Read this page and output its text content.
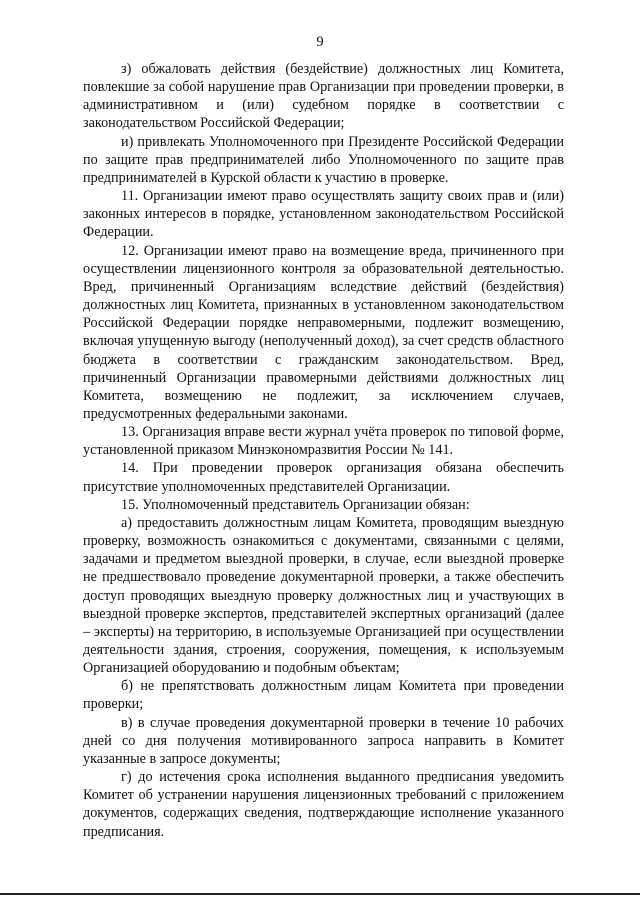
9

з) обжаловать действия (бездействие) должностных лиц Комитета, повлекшие за собой нарушение прав Организации при проведении проверки, в административном и (или) судебном порядке в соответствии с законодательством Российской Федерации;

и) привлекать Уполномоченного при Президенте Российской Федерации по защите прав предпринимателей либо Уполномоченного по защите прав предпринимателей в Курской области к участию в проверке.

11. Организации имеют право осуществлять защиту своих прав и (или) законных интересов в порядке, установленном законодательством Российской Федерации.

12. Организации имеют право на возмещение вреда, причиненного при осуществлении лицензионного контроля за образовательной деятельностью. Вред, причиненный Организациям вследствие действий (бездействия) должностных лиц Комитета, признанных в установленном законодательством Российской Федерации порядке неправомерными, подлежит возмещению, включая упущенную выгоду (неполученный доход), за счет средств областного бюджета в соответствии с гражданским законодательством. Вред, причиненный Организации правомерными действиями должностных лиц Комитета, возмещению не подлежит, за исключением случаев, предусмотренных федеральными законами.

13. Организация вправе вести журнал учёта проверок по типовой форме, установленной приказом Минэкономразвития России № 141.

14. При проведении проверок организация обязана обеспечить присутствие уполномоченных представителей Организации.

15. Уполномоченный представитель Организации обязан:

а) предоставить должностным лицам Комитета, проводящим выездную проверку, возможность ознакомиться с документами, связанными с целями, задачами и предметом выездной проверки, в случае, если выездной проверке не предшествовало проведение документарной проверки, а также обеспечить доступ проводящих выездную проверку должностных лиц и участвующих в выездной проверке экспертов, представителей экспертных организаций (далее – эксперты) на территорию, в используемые Организацией при осуществлении деятельности здания, строения, сооружения, помещения, к используемым Организацией оборудованию и подобным объектам;

б) не препятствовать должностным лицам Комитета при проведении проверки;

в) в случае проведения документарной проверки в течение 10 рабочих дней со дня получения мотивированного запроса направить в Комитет указанные в запросе документы;

г) до истечения срока исполнения выданного предписания уведомить Комитет об устранении нарушения лицензионных требований с приложением документов, содержащих сведения, подтверждающие исполнение указанного предписания.
